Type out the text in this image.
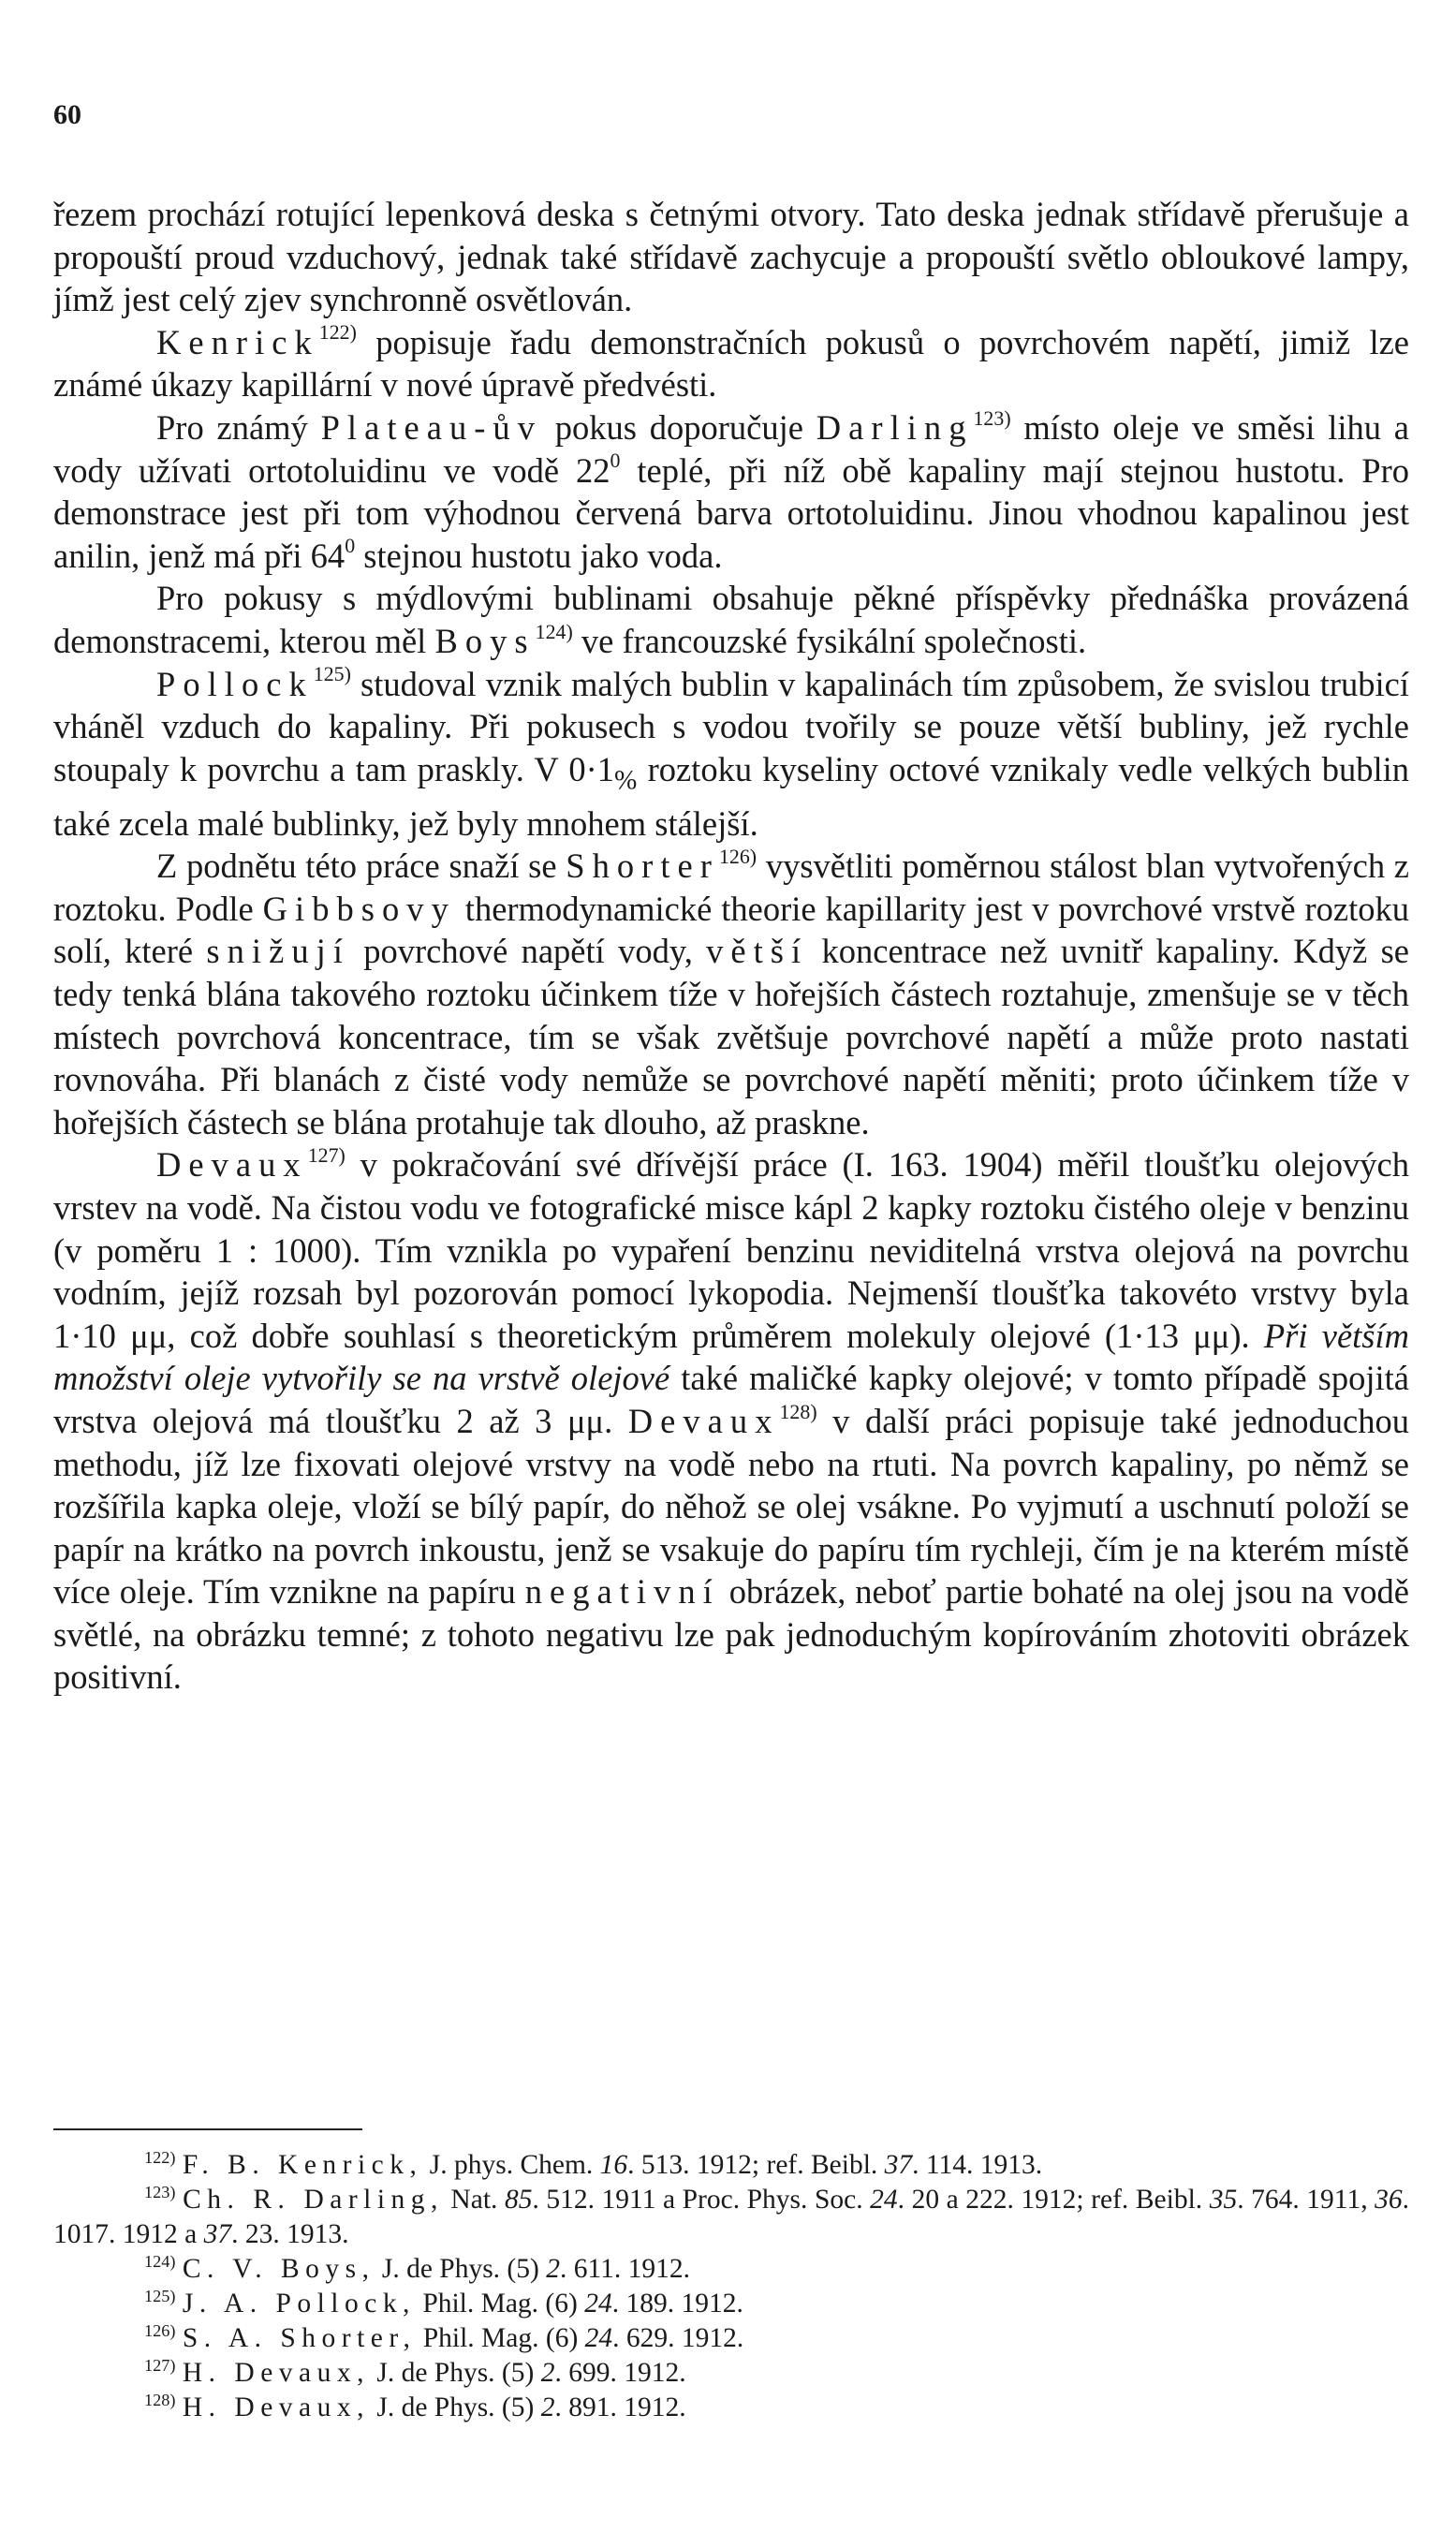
60

řezem prochází rotující lepenková deska s četnými otvory. Tato deska jednak střídavě přerušuje a propouští proud vzduchový, jednak také střídavě zachycuje a propouští světlo obloukové lampy, jímž jest celý zjev synchronně osvětlován.

Kenrick$^{122)}$ popisuje řadu demonstračních pokusů o povrchovém napětí, jimiž lze známé úkazy kapillární v nové úpravě předvésti.

Pro známý Plateau-ův pokus doporučuje Darling$^{123)}$ místo oleje ve směsi lihu a vody užívati ortotoluidinu ve vodě $22^0$ teplé, při níž obě kapaliny mají stejnou hustotu. Pro demonstrace jest při tom výhodnou červená barva ortotoluidinu. Jinou vhodnou kapalinou jest anilin, jenž má při $64^0$ stejnou hustotu jako voda.

Pro pokusy s mýdlovými bublinami obsahuje pěkné příspěvky přednáška provázená demonstracemi, kterou měl Boys$^{124)}$ ve francouzské fysikální společnosti.

Pollock$^{125)}$ studoval vznik malých bublin v kapalinách tím způsobem, že svislou trubicí vháněl vzduch do kapaliny. Při pokusech s vodou tvořily se pouze větší bubliny, jež rychle stoupaly k povrchu a tam praskly. V $0\cdot 1_{\%}$ roztoku kyseliny octové vznikaly vedle velkých bublin také zcela malé bublinky, jež byly mnohem stálejší.

Z podnětu této práce snaží se Shorter$^{126)}$ vysvětliti poměrnou stálost blan vytvořených z roztoku. Podle Gibbsovy thermodynamické theorie kapillarity jest v povrchové vrstvě roztoku solí, které snižují povrchové napětí vody, větší koncentrace než uvnitř kapaliny. Když se tedy tenká blána takového roztoku účinkem tíže v hořejších částech roztahuje, zmenšuje se v těch místech povrchová koncentrace, tím se však zvětšuje povrchové napětí a může proto nastati rovnováha. Při blanách z čisté vody nemůže se povrchové napětí měniti; proto účinkem tíže v hořejších částech se blána protahuje tak dlouho, až praskne.

Devaux$^{127)}$ v pokračování své dřívější práce (I. 163. 1904) měřil tloušťku olejových vrstev na vodě. Na čistou vodu ve fotografické misce kápl 2 kapky roztoku čistého oleje v benzinu (v poměru 1 : 1000). Tím vznikla po vypaření benzinu neviditelná vrstva olejová na povrchu vodním, jejíž rozsah byl pozorován pomocí lykopodia. Nejmenší tloušťka takovéto vrstvy byla 1·10 μμ, což dobře souhlasí s theoretickým průměrem molekuly olejové (1·13 μμ). Při větším množství oleje vytvořily se na vrstvě olejové také maličké kapky olejové; v tomto případě spojitá vrstva olejová má tloušťku 2 až 3 μμ. Devaux$^{128)}$ v další práci popisuje také jednoduchou methodu, jíž lze fixovati olejové vrstvy na vodě nebo na rtuti. Na povrch kapaliny, po němž se rozšířila kapka oleje, vloží se bílý papír, do něhož se olej vsákne. Po vyjmutí a uschnutí položí se papír na krátko na povrch inkoustu, jenž se vsakuje do papíru tím rychleji, čím je na kterém místě více oleje. Tím vznikne na papíru negativní obrázek, neboť partie bohaté na olej jsou na vodě světlé, na obrázku temné; z tohoto negativu lze pak jednoduchým kopírováním zhotoviti obrázek positivní.

$^{122)}$ F. B. Kenrick, J. phys. Chem. 16. 513. 1912; ref. Beibl. 37. 114. 1913.

$^{123)}$ Ch. R. Darling, Nat. 85. 512. 1911 a Proc. Phys. Soc. 24. 20 a 222. 1912; ref. Beibl. 35. 764. 1911, 36. 1017. 1912 a 37. 23. 1913.

$^{124)}$ C. V. Boys, J. de Phys. (5) 2. 611. 1912.

$^{125)}$ J. A. Pollock, Phil. Mag. (6) 24. 189. 1912.

$^{126)}$ S. A. Shorter, Phil. Mag. (6) 24. 629. 1912.

$^{127)}$ H. Devaux, J. de Phys. (5) 2. 699. 1912.

$^{128)}$ H. Devaux, J. de Phys. (5) 2. 891. 1912.
